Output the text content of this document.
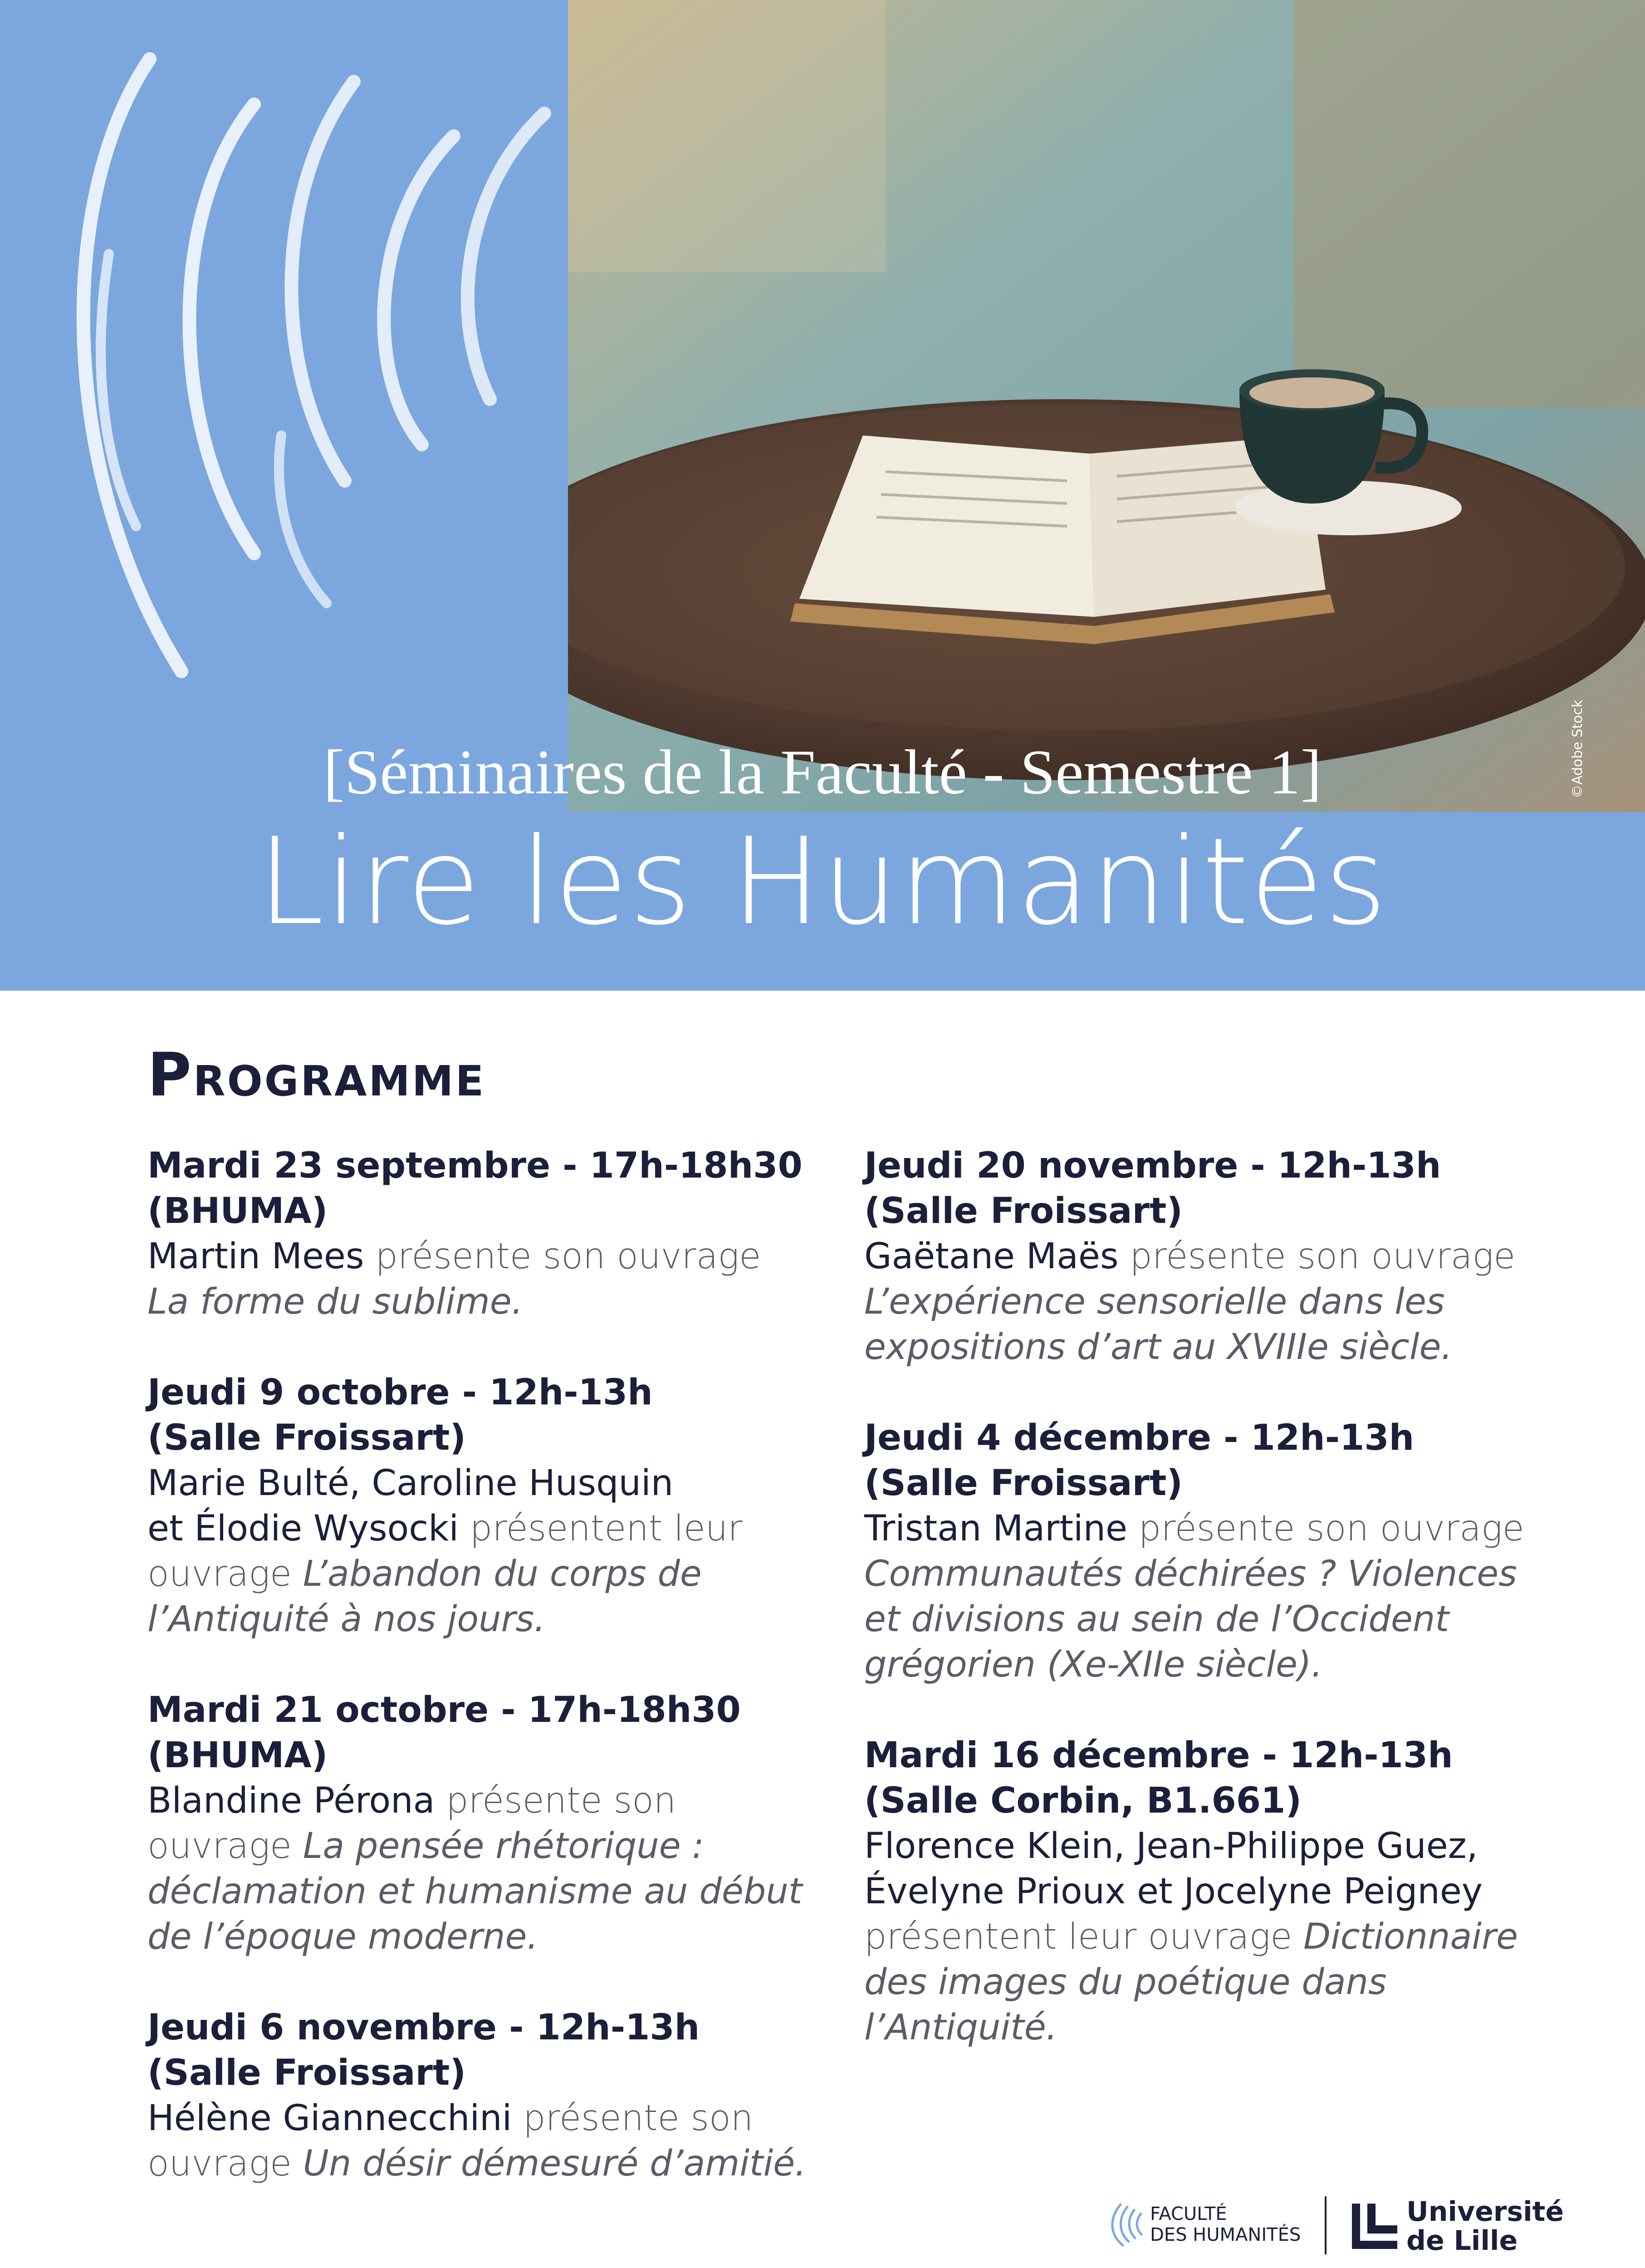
©Adobe Stock
[Séminaires de la Faculté - Semestre 1]
Lire les Humanités
Programme
Mardi 23 septembre - 17h-18h30
(BHUMA)
Martin Mees présente son ouvrage
La forme du sublime.
Jeudi 9 octobre - 12h-13h
(Salle Froissart)
Marie Bulté, Caroline Husquin
et Élodie Wysocki présentent leur
ouvrage L’abandon du corps de
l’Antiquité à nos jours.
Mardi 21 octobre - 17h-18h30
(BHUMA)
Blandine Pérona présente son
ouvrage La pensée rhétorique :
déclamation et humanisme au début
de l’époque moderne.
Jeudi 6 novembre - 12h-13h
(Salle Froissart)
Hélène Giannecchini présente son
ouvrage Un désir démesuré d’amitié.
Jeudi 20 novembre - 12h-13h
(Salle Froissart)
Gaëtane Maës présente son ouvrage
L’expérience sensorielle dans les
expositions d’art au XVIIIe siècle.
Jeudi 4 décembre - 12h-13h
(Salle Froissart)
Tristan Martine présente son ouvrage
Communautés déchirées ? Violences
et divisions au sein de l’Occident
grégorien (Xe-XIIe siècle).
Mardi 16 décembre - 12h-13h
(Salle Corbin, B1.661)
Florence Klein, Jean-Philippe Guez,
Évelyne Prioux et Jocelyne Peigney
présentent leur ouvrage Dictionnaire
des images du poétique dans
l’Antiquité.
FACULTÉ
DES HUMANITÉS
Université
de Lille
